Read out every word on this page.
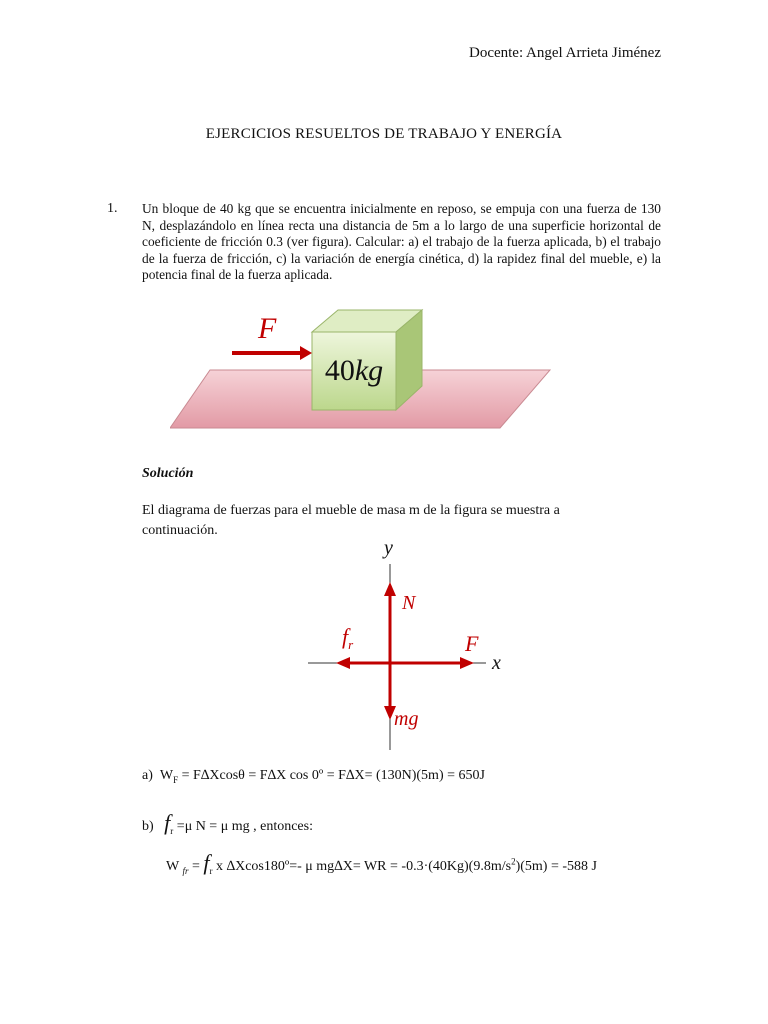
Docente: Angel Arrieta Jiménez
EJERCICIOS RESUELTOS DE TRABAJO Y ENERGÍA
1. Un bloque de 40 kg que se encuentra inicialmente en reposo, se empuja con una fuerza de 130 N, desplazándolo en línea recta una distancia de 5m a lo largo de una superficie horizontal de coeficiente de fricción 0.3 (ver figura). Calcular: a) el trabajo de la fuerza aplicada, b) el trabajo de la fuerza de fricción, c) la variación de energía cinética, d) la rapidez final del mueble, e) la potencia final de la fuerza aplicada.
40kg
F
Solución
El diagrama de fuerzas para el mueble de masa m de la figura se muestra a continuación.
y
x
N
mg
F
$f_r$
a) $W_F = F\Delta Xcos\theta = F\Delta X$ cos 0º = F∆X= (130N)(5m) = 650J
b) $f_r =\mu$ N = μ mg , entonces:
W $_{fr} = f_r$ x ∆Xcos180º=- μ mg∆X= WR = $-0.3\cdot(40Kg)(9.8m/s^2)(5m) = -588$ J
